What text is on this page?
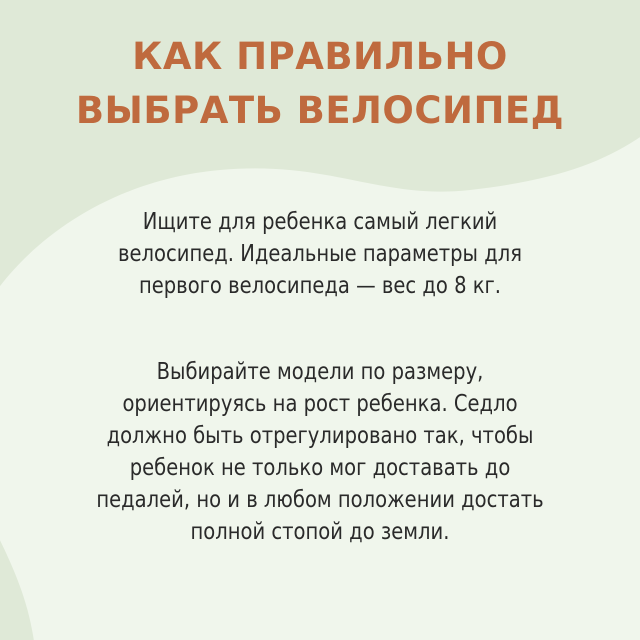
КАК ПРАВИЛЬНО
ВЫБРАТЬ ВЕЛОСИПЕД

Ищите для ребенка самый легкий
велосипед. Идеальные параметры для
первого велосипеда — вес до 8 кг.

Выбирайте модели по размеру,
ориентируясь на рост ребенка. Седло
должно быть отрегулировано так, чтобы
ребенок не только мог доставать до
педалей, но и в любом положении достать
полной стопой до земли.
